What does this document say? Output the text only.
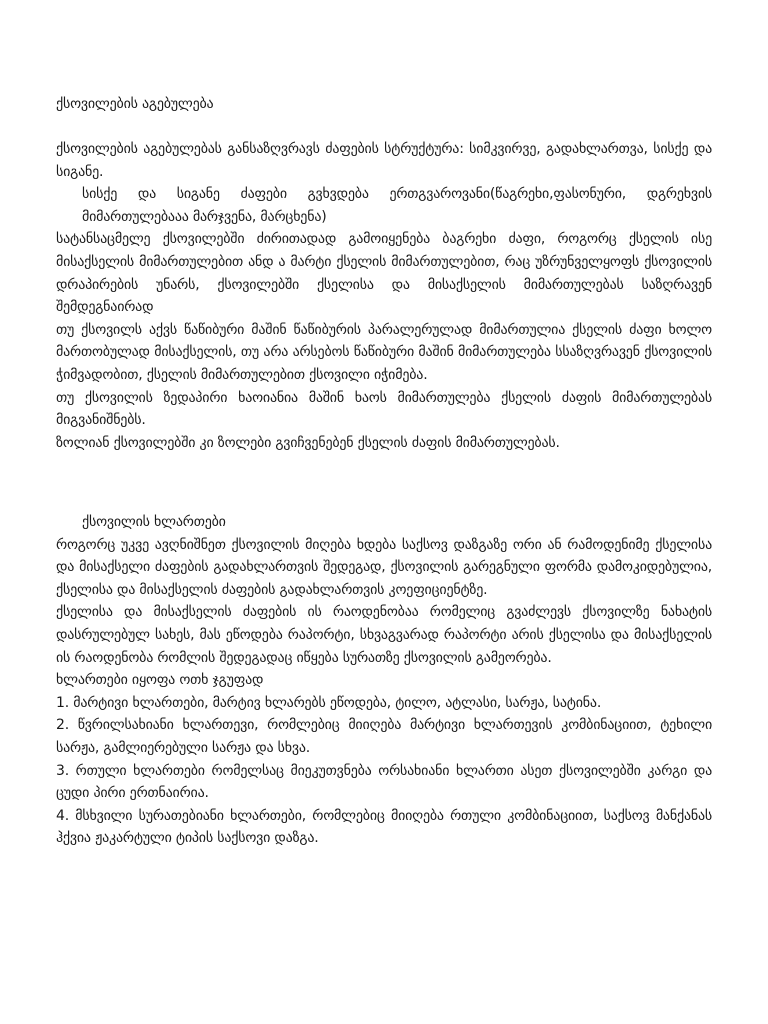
ქსოვილების აგებულება

ქსოვილების აგებულებას განსაზღვრავს ძაფების სტრუქტურა: სიმკვირვე, გადახლართვა, სისქე და სიგანე.

სისქე და სიგანე ძაფები გვხვდება ერთგვაროვანი(წაგრეხი,ფასონური, დგრეხვის მიმართულებააა მარჯვენა, მარცხენა)

სატანსაცმელე ქსოვილებში ძირითადად გამოიყენება ბაგრეხი ძაფი, როგორც ქსელის ისე მისაქსელის მიმართულებით ანდ ა მარტი ქსელის მიმართულებით, რაც უზრუნველყოფს ქსოვილის დრაპირების უნარს, ქსოვილებში ქსელისა და მისაქსელის მიმართულებას საზღრავენ შემდეგნაირად

თუ ქსოვილს აქვს წაწიბური მაშინ წაწიბურის პარალერულად მიმართულია ქსელის ძაფი ხოლო მართობულად მისაქსელის, თუ არა არსებოს წაწიბური მაშინ მიმართულება სსაზღვრავენ ქსოვილის ჭიმვადობით, ქსელის მიმართულებით ქსოვილი იჭიმება.

თუ ქსოვილის ზედაპირი ხაოიანია მაშინ ხაოს მიმართულება ქსელის ძაფის მიმართულებას მიგვანიშნებს.

ზოლიან ქსოვილებში კი ზოლები გვიჩვენებენ ქსელის ძაფის მიმართულებას.

ქსოვილის ხლართები

როგორც უკვე ავღნიშნეთ ქსოვილის მიღება ხდება საქსოვ დაზგაზე ორი ან რამოდენიმე ქსელისა და მისაქსელი ძაფების გადახლართვის შედეგად, ქსოვილის გარეგნული ფორმა დამოკიდებულია, ქსელისა და მისაქსელის ძაფების გადახლართვის კოეფიციენტზე.

ქსელისა და მისაქსელის ძაფების ის რაოდენობაა რომელიც გვაძლევს ქსოვილზე ნახატის დასრულებულ სახეს, მას ეწოდება რაპორტი, სხვაგვარად რაპორტი არის ქსელისა და მისაქსელის ის რაოდენობა რომლის შედეგადაც იწყება სურათზე ქსოვილის გამეორება.

ხლართები იყოფა ოთხ ჯგუფად

1. მარტივი ხლართები, მარტივ ხლარებს ეწოდება, ტილო, ატლასი, სარჟა, სატინა.

2. წვრილსახიანი ხლართევი, რომლებიც მიიღება მარტივი ხლართევის კომბინაციით, ტეხილი სარჟა, გამლიერებული სარჟა და სხვა.

3. რთული ხლართები რომელსაც მიეკუთვნება ორსახიანი ხლართი ასეთ ქსოვილებში კარგი და ცუდი პირი ერთნაირია.

4. მსხვილი სურათებიანი ხლართები, რომლებიც მიიღება რთული კომბინაციით, საქსოვ მანქანას ჰქვია ჟაკარტული ტიპის საქსოვი დაზგა.
